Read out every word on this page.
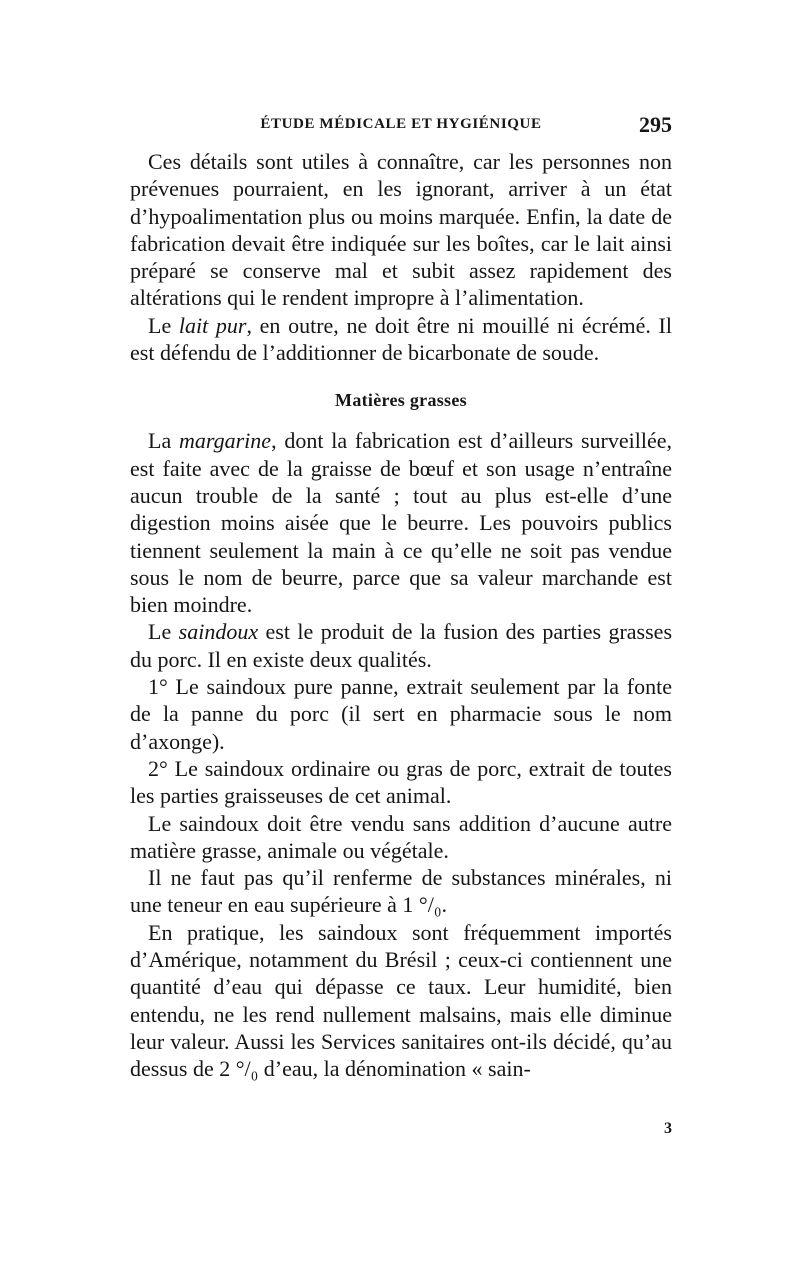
ÉTUDE MÉDICALE ET HYGIÉNIQUE	295

Ces détails sont utiles à connaître, car les personnes non prévenues pourraient, en les ignorant, arriver à un état d’hypoalimentation plus ou moins marquée. Enfin, la date de fabrication devait être indiquée sur les boîtes, car le lait ainsi préparé se conserve mal et subit assez rapidement des altérations qui le rendent impropre à l’alimentation.

Le lait pur, en outre, ne doit être ni mouillé ni écrémé. Il est défendu de l’additionner de bicarbonate de soude.

Matières grasses

La margarine, dont la fabrication est d’ailleurs surveillée, est faite avec de la graisse de bœuf et son usage n’entraîne aucun trouble de la santé ; tout au plus est-elle d’une digestion moins aisée que le beurre. Les pouvoirs publics tiennent seulement la main à ce qu’elle ne soit pas vendue sous le nom de beurre, parce que sa valeur marchande est bien moindre.

Le saindoux est le produit de la fusion des parties grasses du porc. Il en existe deux qualités.

1° Le saindoux pure panne, extrait seulement par la fonte de la panne du porc (il sert en pharmacie sous le nom d’axonge).

2° Le saindoux ordinaire ou gras de porc, extrait de toutes les parties graisseuses de cet animal.

Le saindoux doit être vendu sans addition d’aucune autre matière grasse, animale ou végétale.

Il ne faut pas qu’il renferme de substances minérales, ni une teneur en eau supérieure à 1 °/₀.

En pratique, les saindoux sont fréquemment importés d’Amérique, notamment du Brésil ; ceux-ci contiennent une quantité d’eau qui dépasse ce taux. Leur humidité, bien entendu, ne les rend nullement malsains, mais elle diminue leur valeur. Aussi les Services sanitaires ont-ils décidé, qu’au dessus de 2 °/₀ d’eau, la dénomination « sain-

3
